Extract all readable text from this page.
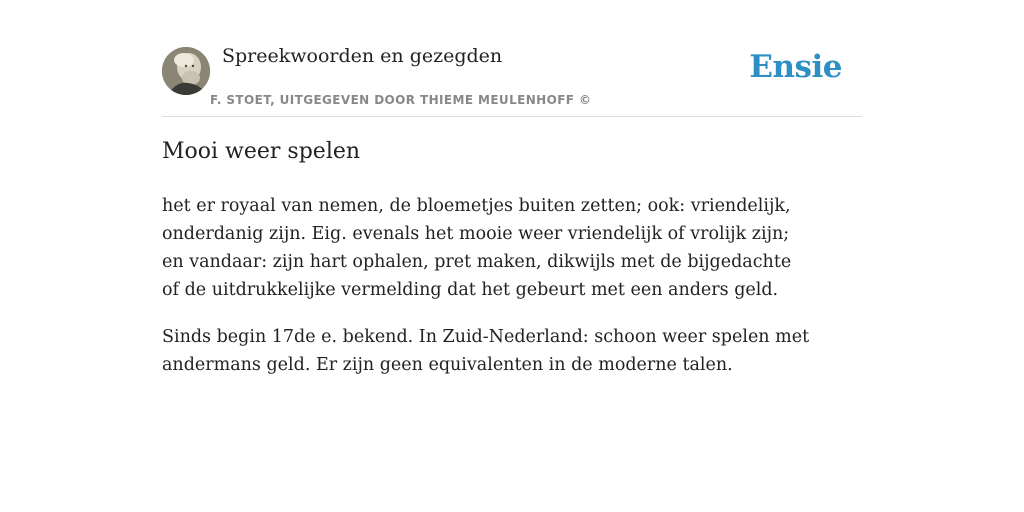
Spreekwoorden en gezegden
F. STOET, UITGEGEVEN DOOR THIEME MEULENHOFF ©
Ensie
Mooi weer spelen

het er royaal van nemen, de bloemetjes buiten zetten; ook: vriendelijk, onderdanig zijn. Eig. evenals het mooie weer vriendelijk of vrolijk zijn; en vandaar: zijn hart ophalen, pret maken, dikwijls met de bijgedachte of de uitdrukkelijke vermelding dat het gebeurt met een anders geld.

Sinds begin 17de e. bekend. In Zuid-Nederland: schoon weer spelen met andermans geld. Er zijn geen equivalenten in de moderne talen.
